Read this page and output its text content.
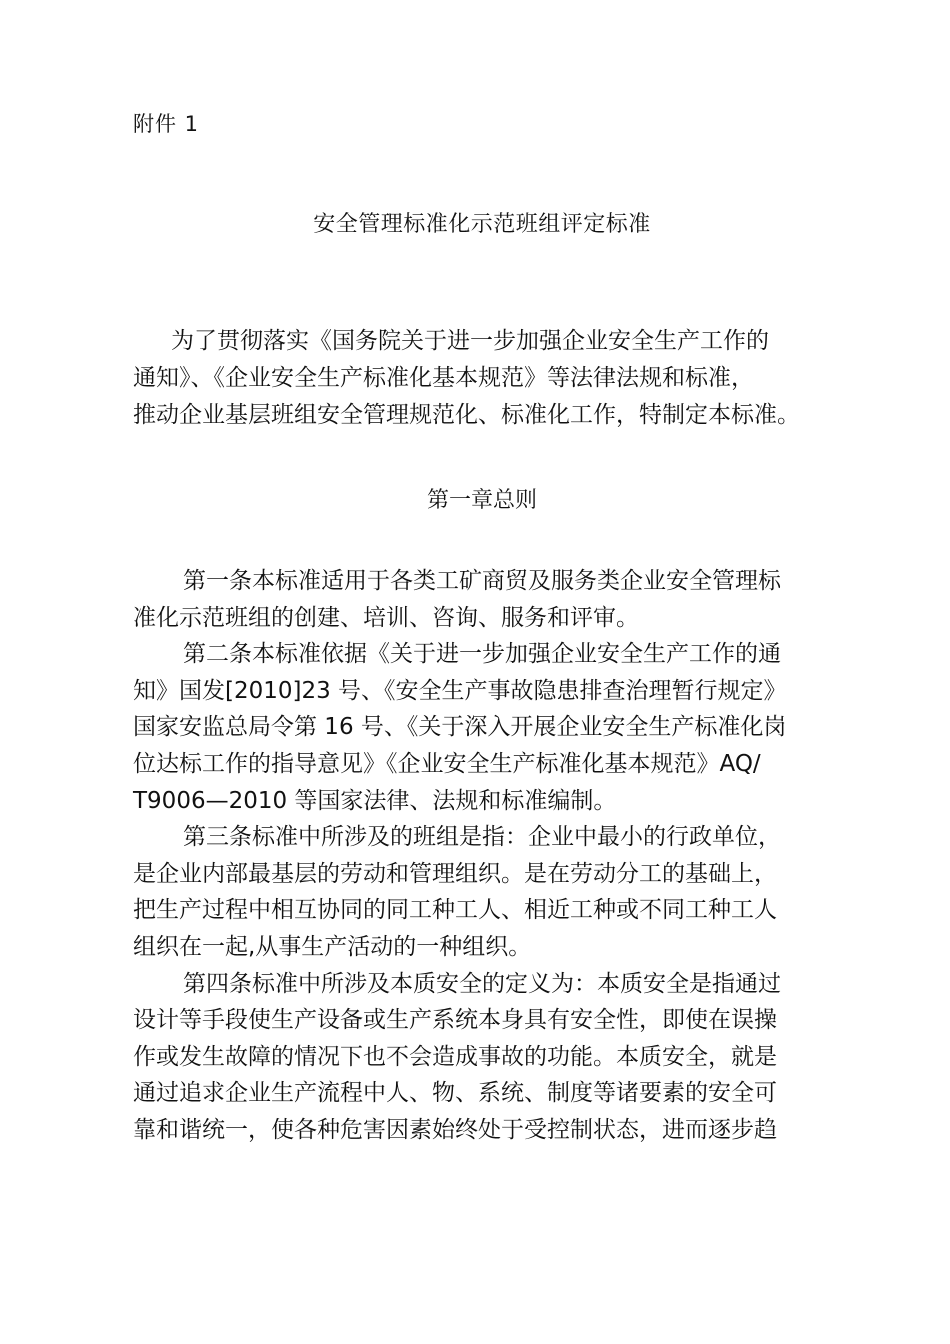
附件 1
安全管理标准化示范班组评定标准
为了贯彻落实《国务院关于进一步加强企业安全生产工作的
通知》、《企业安全生产标准化基本规范》等法律法规和标准，
推动企业基层班组安全管理规范化、标准化工作，特制定本标准。
第一章总则
第一条本标准适用于各类工矿商贸及服务类企业安全管理标
准化示范班组的创建、培训、咨询、服务和评审。
第二条本标准依据《关于进一步加强企业安全生产工作的通
知》国发[2010]23 号、《安全生产事故隐患排查治理暂行规定》
国家安监总局令第 16 号、《关于深入开展企业安全生产标准化岗
位达标工作的指导意见》《企业安全生产标准化基本规范》AQ/
T9006—2010 等国家法律、法规和标准编制。
第三条标准中所涉及的班组是指：企业中最小的行政单位，
是企业内部最基层的劳动和管理组织。是在劳动分工的基础上，
把生产过程中相互协同的同工种工人、相近工种或不同工种工人
组织在一起,从事生产活动的一种组织。
第四条标准中所涉及本质安全的定义为：本质安全是指通过
设计等手段使生产设备或生产系统本身具有安全性，即使在误操
作或发生故障的情况下也不会造成事故的功能。本质安全，就是
通过追求企业生产流程中人、物、系统、制度等诸要素的安全可
靠和谐统一，使各种危害因素始终处于受控制状态，进而逐步趋
